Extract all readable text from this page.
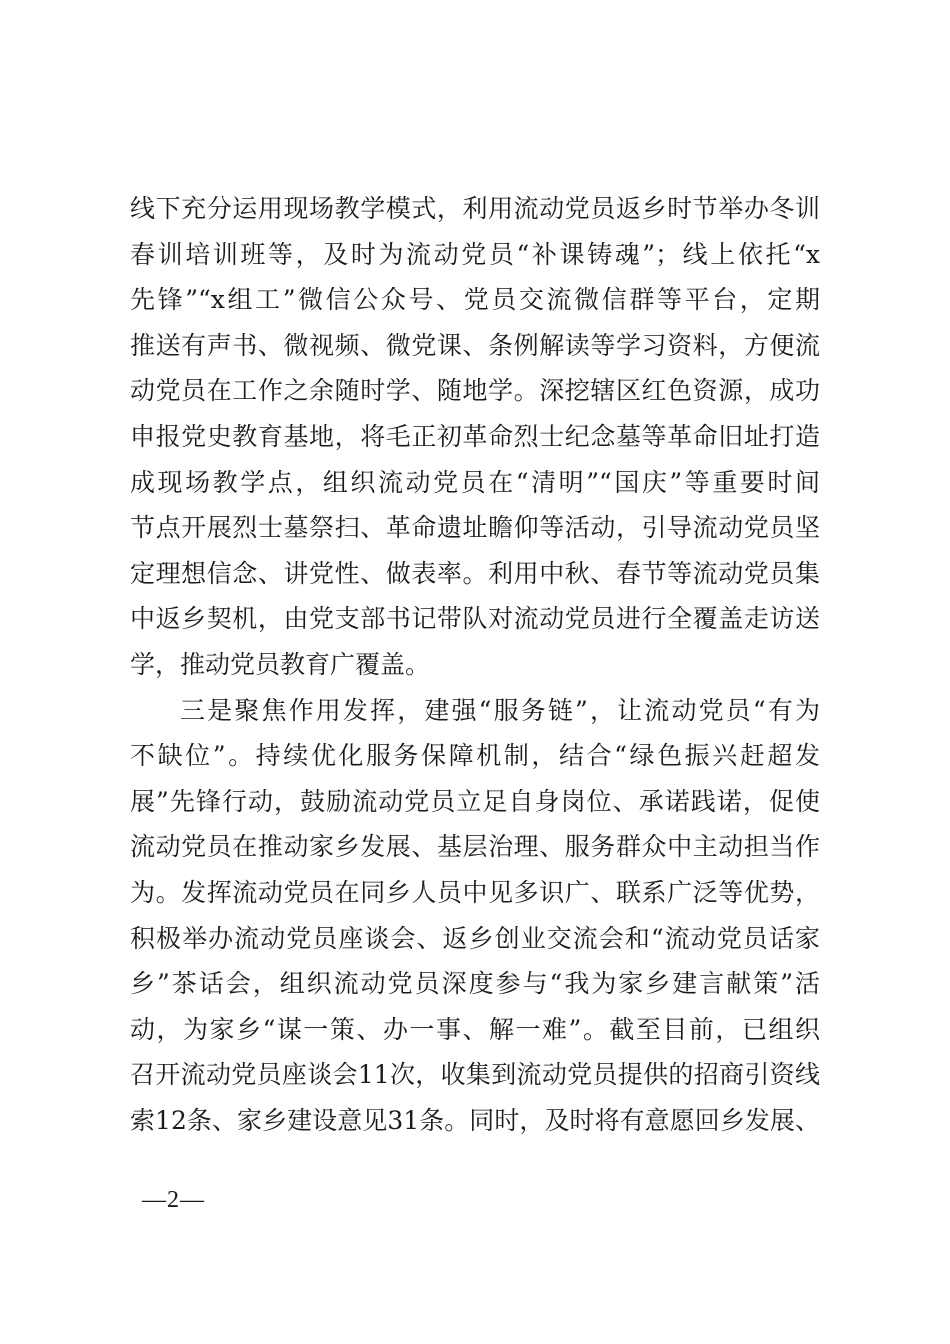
线下充分运用现场教学模式，利用流动党员返乡时节举办冬训
春训培训班等，及时为流动党员“补课铸魂”；线上依托“x
先锋”“x组工”微信公众号、党员交流微信群等平台，定期
推送有声书、微视频、微党课、条例解读等学习资料，方便流
动党员在工作之余随时学、随地学。深挖辖区红色资源，成功
申报党史教育基地，将毛正初革命烈士纪念墓等革命旧址打造
成现场教学点，组织流动党员在“清明”“国庆”等重要时间
节点开展烈士墓祭扫、革命遗址瞻仰等活动，引导流动党员坚
定理想信念、讲党性、做表率。利用中秋、春节等流动党员集
中返乡契机，由党支部书记带队对流动党员进行全覆盖走访送
学，推动党员教育广覆盖。
三是聚焦作用发挥，建强“服务链”，让流动党员“有为
不缺位”。持续优化服务保障机制，结合“绿色振兴赶超发
展”先锋行动，鼓励流动党员立足自身岗位、承诺践诺，促使
流动党员在推动家乡发展、基层治理、服务群众中主动担当作
为。发挥流动党员在同乡人员中见多识广、联系广泛等优势，
积极举办流动党员座谈会、返乡创业交流会和“流动党员话家
乡”茶话会，组织流动党员深度参与“我为家乡建言献策”活
动，为家乡“谋一策、办一事、解一难”。截至目前，已组织
召开流动党员座谈会11次，收集到流动党员提供的招商引资线
索12条、家乡建设意见31条。同时，及时将有意愿回乡发展、
—2—
